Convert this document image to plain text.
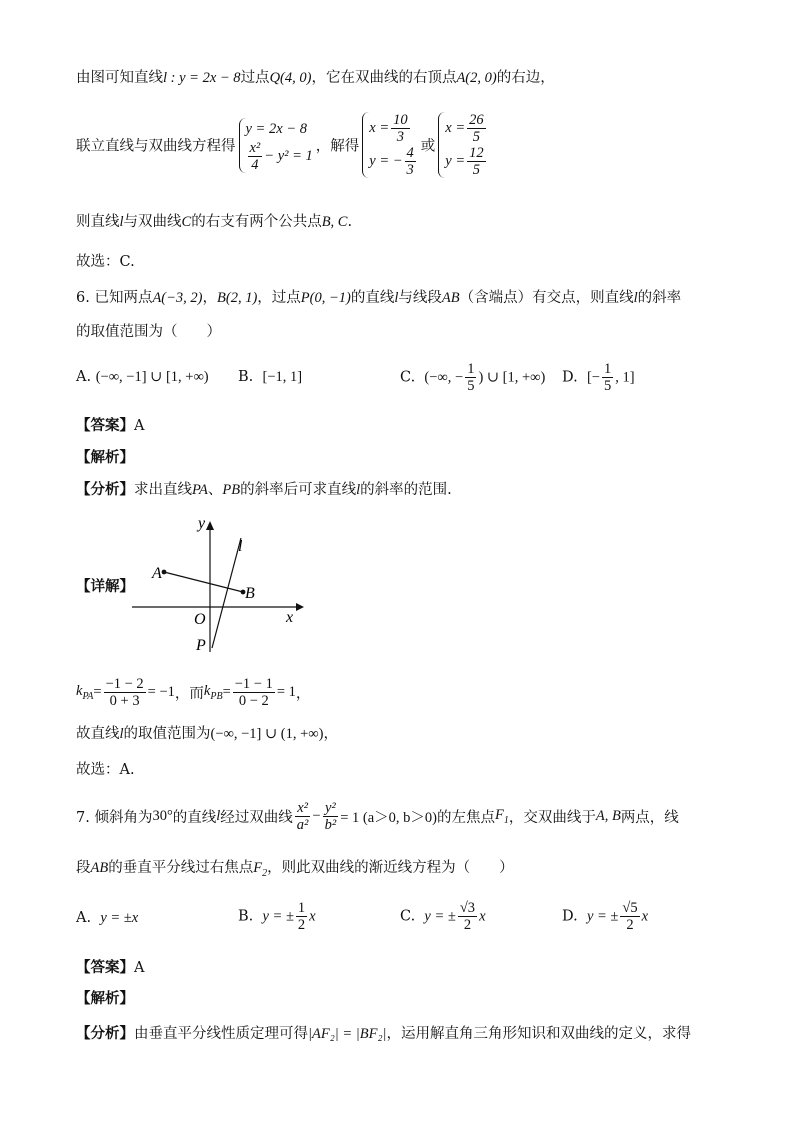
由图可知直线l : y = 2x − 8过点Q(4, 0)，它在双曲线的右顶点A(2, 0)的右边，
联立直线与双曲线方程得
y = 2x − 8
$\frac{\text{x²}}{4} - y^2 = 1$
，解得
$x = \frac{10}{3}$
y = − $\frac{4}{3}$ 或
$x = \frac{26}{5}$
$y = \frac{12}{5}$
则直线l与双曲线C的右支有两个公共点B, C.
故选：C.
6. 已知两点A(−3, 2)，B(2, 1)，过点P(0, −1)的直线l与线段AB（含端点）有交点，则直线l的斜率
的取值范围为（　　）
A. (−∞, −1] ∪ [1, +∞) B. [−1, 1]	C. (−∞, − $\frac{1}{5}$ ) ∪ [1, +∞) D. [− $\frac{1}{5}$ , 1]
【答案】A
【解析】
【分析】求出直线PA、PB的斜率后可求直线l的斜率的范围.
【详解】
y
x
O
A
B
P
l
$k_{PA}= \frac{-1 - 2}{0 + 3} = -1$，而$k_{PB}= \frac{-1 - 1}{0 - 2} = 1$，
故直线l的取值范围为(−∞, −1] ∪ (1, +∞)，
故选：A.
7. 倾斜角为30°的直线l经过双曲线 $\frac{\text{x²}}{\text{a²}} - \frac{\text{y²}}{\text{b²}} = 1$ (a＞0, b＞0)的左焦点$F_1$，交双曲线于A, B两点，线
段AB的垂直平分线过右焦点$F_2$，则此双曲线的渐近线方程为（　　）
A. y = ±x	B. y = ± $\frac{1}{2}$ x	C. y = ± $\frac{√3}{2}$ x	D. y = ± $\frac{√5}{2}$ x
【答案】A
【解析】
【分析】由垂直平分线性质定理可得|AF₂| = |BF₂|，运用解直角三角形知识和双曲线的定义，求得
